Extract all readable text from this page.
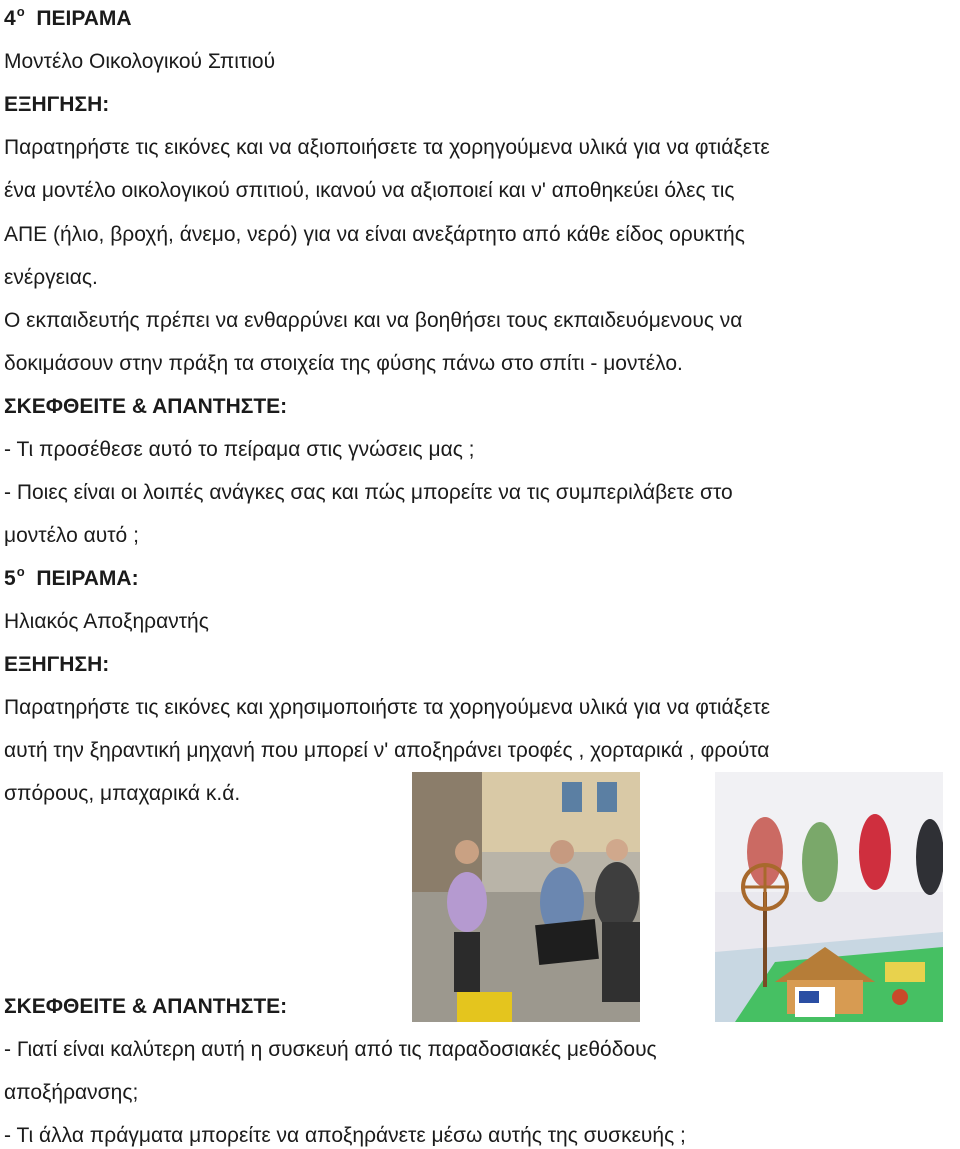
$4^o$ ΠΕΙΡΑΜΑ

Μοντέλο Οικολογικού Σπιτιού

ΕΞΗΓΗΣΗ:

Παρατηρήστε τις εικόνες και να αξιοποιήσετε τα χορηγούμενα υλικά για να φτιάξετε

ένα μοντέλο οικολογικού σπιτιού, ικανού να αξιοποιεί και ν' αποθηκεύει όλες τις

ΑΠΕ (ήλιο, βροχή, άνεμο, νερό) για να είναι ανεξάρτητο από κάθε είδος ορυκτής

ενέργειας.

Ο εκπαιδευτής πρέπει να ενθαρρύνει και να βοηθήσει τους εκπαιδευόμενους να

δοκιμάσουν στην πράξη τα στοιχεία της φύσης πάνω στο σπίτι - μοντέλο.

ΣΚΕΦΘΕΙΤΕ & ΑΠΑΝΤΗΣΤΕ:

- Τι προσέθεσε αυτό το πείραμα στις γνώσεις μας ;

- Ποιες είναι οι λοιπές ανάγκες σας και πώς μπορείτε να τις συμπεριλάβετε στο

μοντέλο αυτό ;

$5^o$ ΠΕΙΡΑΜΑ:

Ηλιακός Αποξηραντής

ΕΞΗΓΗΣΗ:

Παρατηρήστε τις εικόνες και χρησιμοποιήστε τα χορηγούμενα υλικά για να φτιάξετε

αυτή την ξηραντική μηχανή που μπορεί ν' αποξηράνει τροφές , χορταρικά , φρούτα

σπόρους, μπαχαρικά κ.ά.

ΣΚΕΦΘΕΙΤΕ & ΑΠΑΝΤΗΣΤΕ:

- Γιατί είναι καλύτερη αυτή η συσκευή από τις παραδοσιακές μεθόδους

αποξήρανσης;

- Τι άλλα πράγματα μπορείτε να αποξηράνετε μέσω αυτής της συσκευής ;
